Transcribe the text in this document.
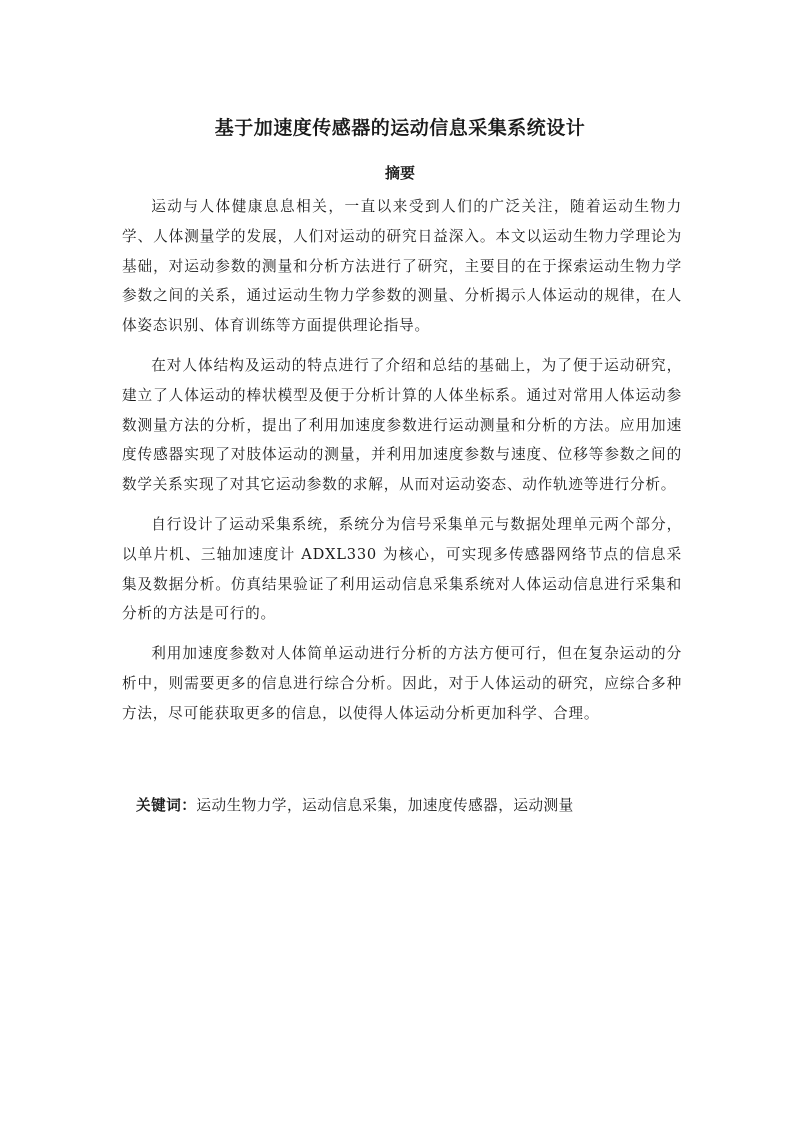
基于加速度传感器的运动信息采集系统设计
摘要

运动与人体健康息息相关，一直以来受到人们的广泛关注，随着运动生物力学、人体测量学的发展，人们对运动的研究日益深入。本文以运动生物力学理论为基础，对运动参数的测量和分析方法进行了研究，主要目的在于探索运动生物力学参数之间的关系，通过运动生物力学参数的测量、分析揭示人体运动的规律，在人体姿态识别、体育训练等方面提供理论指导。

在对人体结构及运动的特点进行了介绍和总结的基础上，为了便于运动研究，建立了人体运动的棒状模型及便于分析计算的人体坐标系。通过对常用人体运动参数测量方法的分析，提出了利用加速度参数进行运动测量和分析的方法。应用加速度传感器实现了对肢体运动的测量，并利用加速度参数与速度、位移等参数之间的数学关系实现了对其它运动参数的求解，从而对运动姿态、动作轨迹等进行分析。

自行设计了运动采集系统，系统分为信号采集单元与数据处理单元两个部分，以单片机、三轴加速度计 ADXL330 为核心，可实现多传感器网络节点的信息采集及数据分析。仿真结果验证了利用运动信息采集系统对人体运动信息进行采集和分析的方法是可行的。

利用加速度参数对人体简单运动进行分析的方法方便可行，但在复杂运动的分析中，则需要更多的信息进行综合分析。因此，对于人体运动的研究，应综合多种方法，尽可能获取更多的信息，以使得人体运动分析更加科学、合理。

关键词：运动生物力学，运动信息采集，加速度传感器，运动测量
